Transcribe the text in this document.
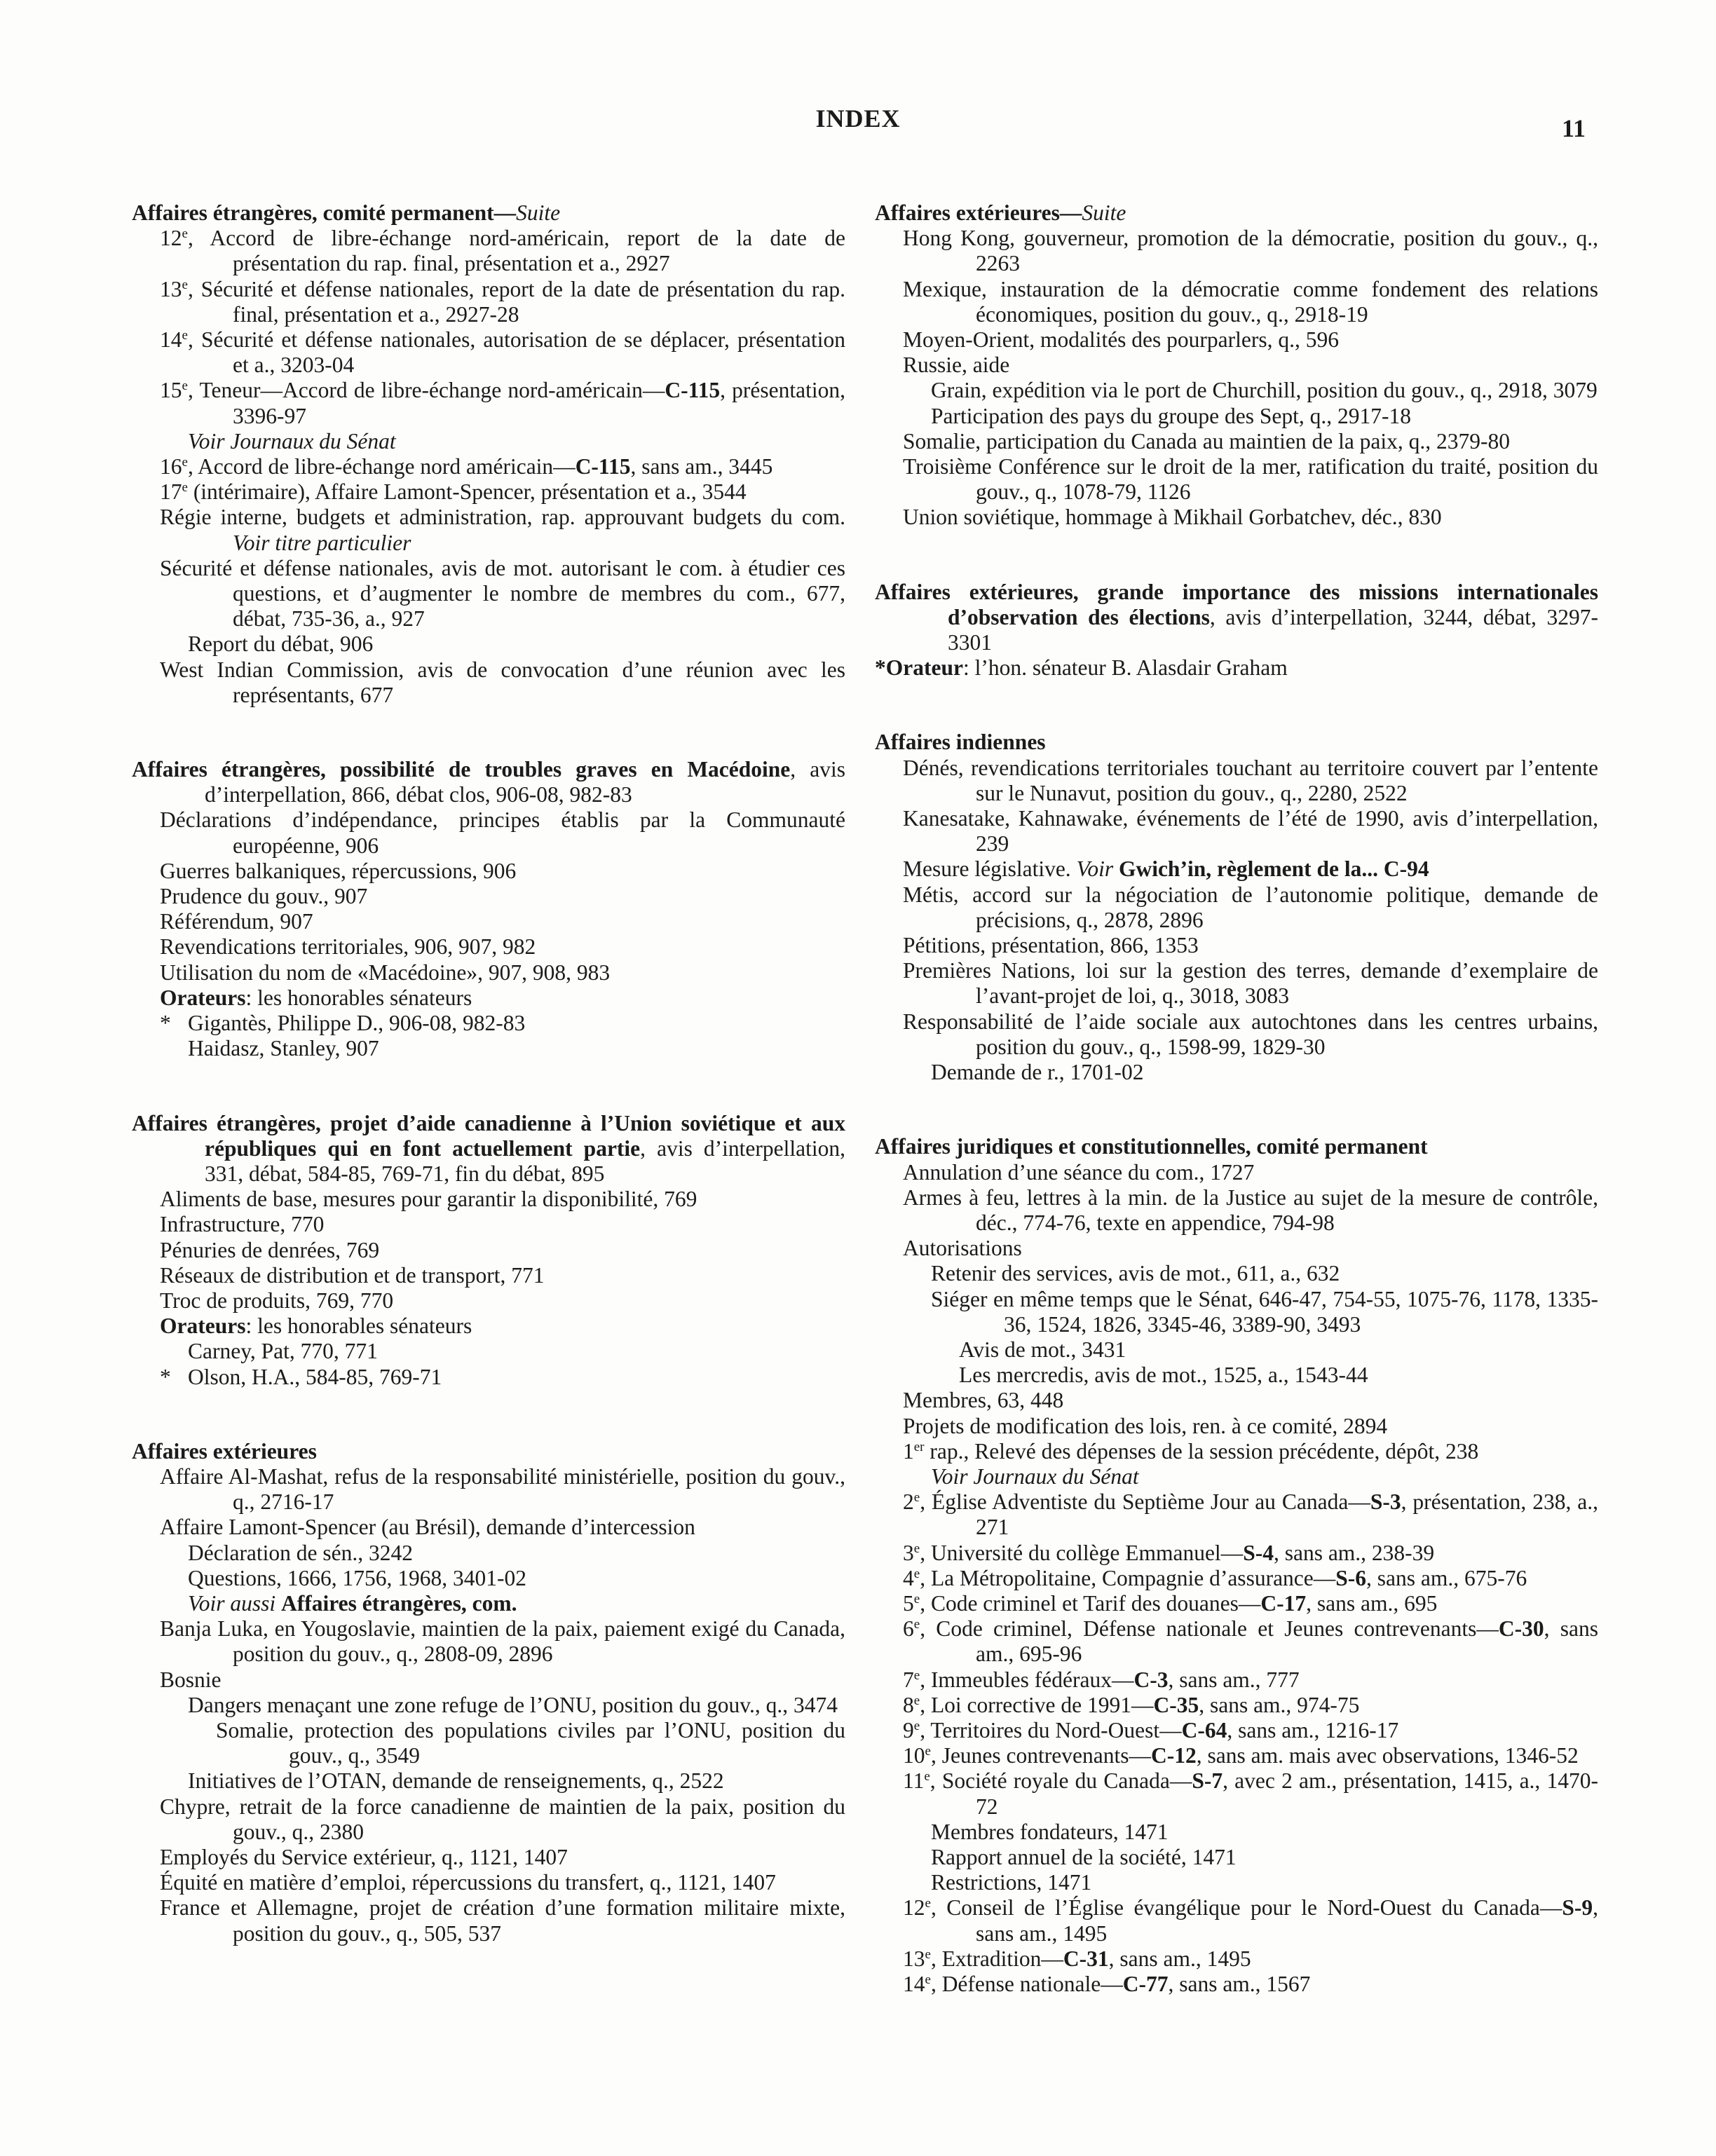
INDEX	11
Affaires étrangères, comité permanent—Suite
12e, Accord de libre-échange nord-américain, report de la date de présentation du rap. final, présentation et a., 2927
13e, Sécurité et défense nationales, report de la date de présentation du rap. final, présentation et a., 2927-28
14e, Sécurité et défense nationales, autorisation de se déplacer, présentation et a., 3203-04
15e, Teneur—Accord de libre-échange nord-américain—C-115, présentation, 3396-97
Voir Journaux du Sénat
16e, Accord de libre-échange nord américain—C-115, sans am., 3445
17e (intérimaire), Affaire Lamont-Spencer, présentation et a., 3544
Régie interne, budgets et administration, rap. approuvant budgets du com. Voir titre particulier
Sécurité et défense nationales, avis de mot. autorisant le com. à étudier ces questions, et d’augmenter le nombre de membres du com., 677, débat, 735-36, a., 927
Report du débat, 906
West Indian Commission, avis de convocation d’une réunion avec les représentants, 677
Affaires étrangères, possibilité de troubles graves en Macédoine, avis d’interpellation, 866, débat clos, 906-08, 982-83
Déclarations d’indépendance, principes établis par la Communauté européenne, 906
Guerres balkaniques, répercussions, 906
Prudence du gouv., 907
Référendum, 907
Revendications territoriales, 906, 907, 982
Utilisation du nom de «Macédoine», 907, 908, 983
Orateurs: les honorables sénateurs
* Gigantès, Philippe D., 906-08, 982-83
Haidasz, Stanley, 907
Affaires étrangères, projet d’aide canadienne à l’Union soviétique et aux républiques qui en font actuellement partie, avis d’interpellation, 331, débat, 584-85, 769-71, fin du débat, 895
Aliments de base, mesures pour garantir la disponibilité, 769
Infrastructure, 770
Pénuries de denrées, 769
Réseaux de distribution et de transport, 771
Troc de produits, 769, 770
Orateurs: les honorables sénateurs
Carney, Pat, 770, 771
* Olson, H.A., 584-85, 769-71
Affaires extérieures
Affaire Al-Mashat, refus de la responsabilité ministérielle, position du gouv., q., 2716-17
Affaire Lamont-Spencer (au Brésil), demande d’intercession
Déclaration de sén., 3242
Questions, 1666, 1756, 1968, 3401-02
Voir aussi Affaires étrangères, com.
Banja Luka, en Yougoslavie, maintien de la paix, paiement exigé du Canada, position du gouv., q., 2808-09, 2896
Bosnie
Dangers menaçant une zone refuge de l’ONU, position du gouv., q., 3474
Somalie, protection des populations civiles par l’ONU, position du gouv., q., 3549
Initiatives de l’OTAN, demande de renseignements, q., 2522
Chypre, retrait de la force canadienne de maintien de la paix, position du gouv., q., 2380
Employés du Service extérieur, q., 1121, 1407
Équité en matière d’emploi, répercussions du transfert, q., 1121, 1407
France et Allemagne, projet de création d’une formation militaire mixte, position du gouv., q., 505, 537
Affaires extérieures—Suite
Hong Kong, gouverneur, promotion de la démocratie, position du gouv., q., 2263
Mexique, instauration de la démocratie comme fondement des relations économiques, position du gouv., q., 2918-19
Moyen-Orient, modalités des pourparlers, q., 596
Russie, aide
Grain, expédition via le port de Churchill, position du gouv., q., 2918, 3079
Participation des pays du groupe des Sept, q., 2917-18
Somalie, participation du Canada au maintien de la paix, q., 2379-80
Troisième Conférence sur le droit de la mer, ratification du traité, position du gouv., q., 1078-79, 1126
Union soviétique, hommage à Mikhail Gorbatchev, déc., 830
Affaires extérieures, grande importance des missions internationales d’observation des élections, avis d’interpellation, 3244, débat, 3297-3301
*Orateur: l’hon. sénateur B. Alasdair Graham
Affaires indiennes
Dénés, revendications territoriales touchant au territoire couvert par l’entente sur le Nunavut, position du gouv., q., 2280, 2522
Kanesatake, Kahnawake, événements de l’été de 1990, avis d’interpellation, 239
Mesure législative. Voir Gwich’in, règlement de la... C-94
Métis, accord sur la négociation de l’autonomie politique, demande de précisions, q., 2878, 2896
Pétitions, présentation, 866, 1353
Premières Nations, loi sur la gestion des terres, demande d’exemplaire de l’avant-projet de loi, q., 3018, 3083
Responsabilité de l’aide sociale aux autochtones dans les centres urbains, position du gouv., q., 1598-99, 1829-30
Demande de r., 1701-02
Affaires juridiques et constitutionnelles, comité permanent
Annulation d’une séance du com., 1727
Armes à feu, lettres à la min. de la Justice au sujet de la mesure de contrôle, déc., 774-76, texte en appendice, 794-98
Autorisations
Retenir des services, avis de mot., 611, a., 632
Siéger en même temps que le Sénat, 646-47, 754-55, 1075-76, 1178, 1335-36, 1524, 1826, 3345-46, 3389-90, 3493
Avis de mot., 3431
Les mercredis, avis de mot., 1525, a., 1543-44
Membres, 63, 448
Projets de modification des lois, ren. à ce comité, 2894
1er rap., Relevé des dépenses de la session précédente, dépôt, 238
Voir Journaux du Sénat
2e, Église Adventiste du Septième Jour au Canada—S-3, présentation, 238, a., 271
3e, Université du collège Emmanuel—S-4, sans am., 238-39
4e, La Métropolitaine, Compagnie d’assurance—S-6, sans am., 675-76
5e, Code criminel et Tarif des douanes—C-17, sans am., 695
6e, Code criminel, Défense nationale et Jeunes contrevenants—C-30, sans am., 695-96
7e, Immeubles fédéraux—C-3, sans am., 777
8e, Loi corrective de 1991—C-35, sans am., 974-75
9e, Territoires du Nord-Ouest—C-64, sans am., 1216-17
10e, Jeunes contrevenants—C-12, sans am. mais avec observations, 1346-52
11e, Société royale du Canada—S-7, avec 2 am., présentation, 1415, a., 1470-72
Membres fondateurs, 1471
Rapport annuel de la société, 1471
Restrictions, 1471
12e, Conseil de l’Église évangélique pour le Nord-Ouest du Canada—S-9, sans am., 1495
13e, Extradition—C-31, sans am., 1495
14e, Défense nationale—C-77, sans am., 1567
